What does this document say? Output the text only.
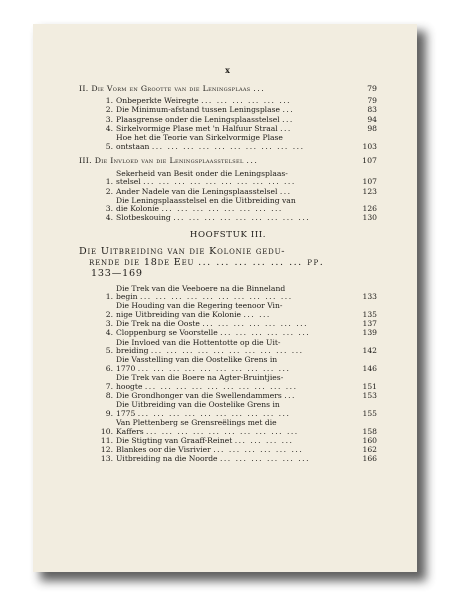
x
II. Die Vorm en Grootte van die Leningsplaas ...	79
1. Onbeperkte Weiregte ... ... ... ... ... ...	79
2. Die Minimum-afstand tussen Leningsplase ...	83
3. Plaasgrense onder die Leningsplaasstelsel ...	94
4. Sirkelvormige Plase met 'n Halfuur Straal ...	98
5.
Hoe het die Teorie van Sirkelvormige Plase
ontstaan ... ... ... ... ... ... ... ... ... ...	103
III. Die Invloed van die Leningsplaasstelsel ...	107
1.
Sekerheid van Besit onder die Leningsplaas-
stelsel ... ... ... ... ... ... ... ... ... ...	107
2. Ander Nadele van die Leningsplaasstelsel ...	123
3.
Die Leningsplaasstelsel en die Uitbreiding van
die Kolonie ... ... ... ... ... ... ... ...	126
4. Slotbeskouing ... ... ... ... ... ... ... ... ...	130
HOOFSTUK III.
Die Uitbreiding van die Kolonie gedu-
rende die 18de Eeu ... ... ... ... ... ... pp. 133—169
1.
Die Trek van die Veeboere na die Binneland
begin ... ... ... ... ... ... ... ... ... ...	133
2.
Die Houding van die Regering teenoor Vin-
nige Uitbreiding van die Kolonie ... ...	135
3. Die Trek na die Ooste ... ... ... ... ... ... ...	137
4. Cloppenburg se Voorstelle ... ... ... ... ... ...	139
5.
Die Invloed van die Hottentotte op die Uit-
breiding ... ... ... ... ... ... ... ... ... ...	142
6.
Die Vasstelling van die Oostelike Grens in
1770 ... ... ... ... ... ... ... ... ... ...	146
7.
Die Trek van die Boere na Agter-Bruintjies-
hoogte ... ... ... ... ... ... ... ... ... ...	151
8. Die Grondhonger van die Swellendammers ...	153
9.
Die Uitbreiding van die Oostelike Grens in
1775 ... ... ... ... ... ... ... ... ... ...	155
10.
Van Plettenberg se Grensreëlings met die
Kaffers ... ... ... ... ... ... ... ... ... ...	158
11. Die Stigting van Graaff-Reinet ... ... ... ...	160
12. Blankes oor die Visrivier ... ... ... ... ... ...	162
13. Uitbreiding na die Noorde ... ... ... ... ... ...	166
